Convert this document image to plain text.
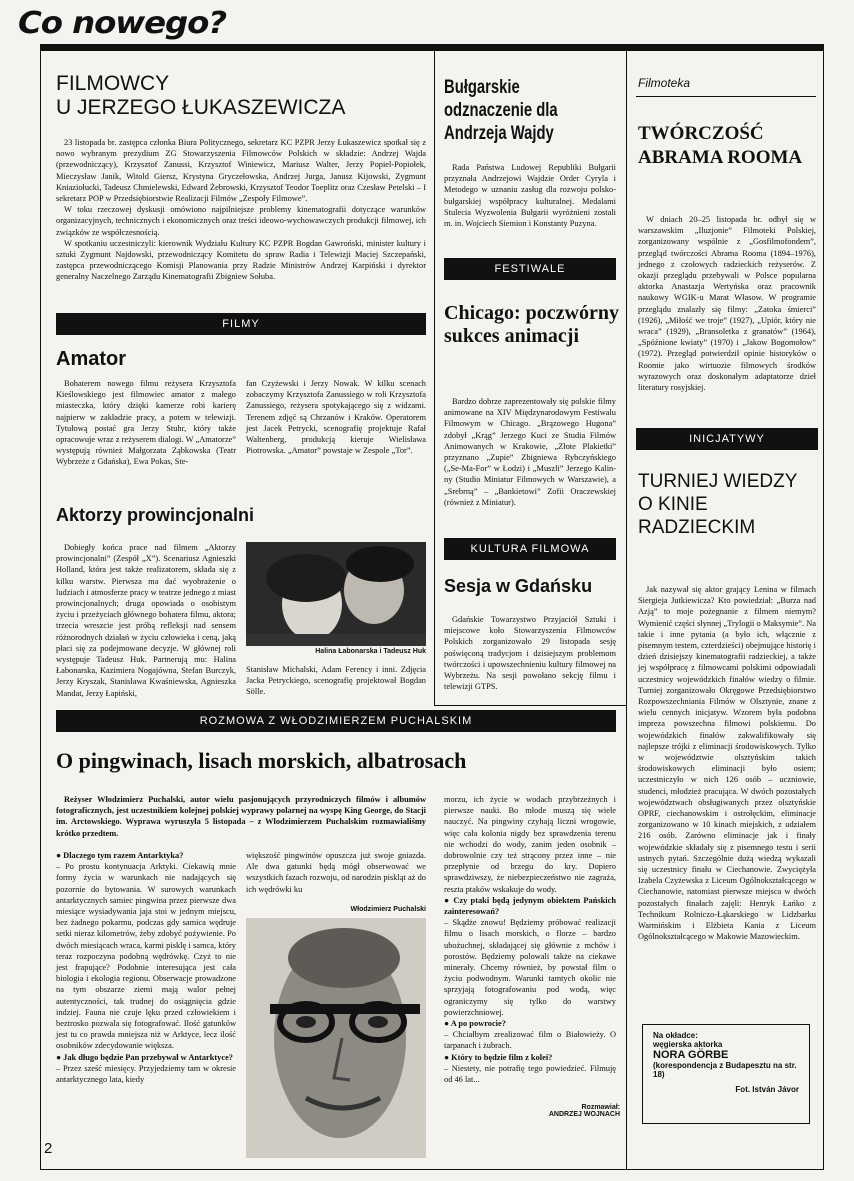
Co nowego?
FILMOWCY
U JERZEGO ŁUKASZEWICZA

23 listopada br. zastępca członka Biura Politycznego, sekretarz KC PZPR Jerzy Łukaszewicz spotkał się z nowo wybranym prezydium ZG Stowarzyszenia Filmowców Polskich w składzie: Andrzej Wajda (przewodniczący), Krzysztof Zanussi, Krzysztof Winiewicz, Mariusz Walter, Jerzy Popiel-Popiołek, Mieczysław Janik, Witold Giersz, Krystyna Gryczełowska, Andrzej Jurga, Janusz Kijowski, Zygmunt Kniaziołucki, Tadeusz Chmielewski, Edward Żebrowski, Krzysztof Teodor Toeplitz oraz Czesław Petelski – I sekretarz POP w Przedsiębiorstwie Realizacji Filmów „Zespoły Filmowe”.

W toku rzeczowej dyskusji omówiono najpilniejsze problemy kinematografii dotyczące warunków organizacyjnych, technicznych i ekonomicznych oraz treści ideowo-wychowawczych produkcji filmowej, ich związków ze współczesnością.

W spotkaniu uczestniczyli: kierownik Wydziału Kultury KC PZPR Bogdan Gawroński, minister kultury i sztuki Zygmunt Najdowski, przewodniczący Komitetu do spraw Radia i Telewizji Maciej Szczepański, zastępca przewodniczącego Komisji Planowania przy Radzie Ministrów Andrzej Karpiński i dyrektor generalny Naczelnego Zarządu Kinematografii Zbigniew Sołuba.

FILMY
Amator
Bohaterem nowego filmu reżysera Krzysztofa Kieślowskiego jest filmowiec amator z małego miasteczka, który dzięki kamerze robi karierę najpierw w zakładzie pracy, a potem w telewizji. Tytułową postać gra Jerzy Stuhr, który także opracowuje wraz z reżyserem dialogi. W „Amatorze” występują również Małgorzata Ząbkowska (Teatr Wybrzeże z Gdańska), Ewa Pokas, Ste-
fan Czyżewski i Jerzy Nowak. W kilku scenach zobaczymy Krzysztofa Zanussiego w roli Krzysztofa Zanussiego, reżysera spotykającego się z widzami. Terenem zdjęć są Chrzanów i Kraków. Operatorem jest Jacek Petrycki, scenografię projektuje Rafał Waltenberg, produkcją kieruje Wielisława Piotrowska. „Amator” powstaje w Zespole „Tor”.
Aktorzy prowincjonalni
Dobiegły końca prace nad filmem „Aktorzy prowincjonalni” (Zespół „X”). Scenariusz Agnieszki Holland, która jest także realizatorem, składa się z kilku warstw. Pierwsza ma dać wyobrażenie o ludziach i atmosferze pracy w teatrze jednego z miast prowincjonalnych; druga opowiada o osobistym życiu i przeżyciach głównego bohatera filmu, aktora; trzecia wreszcie jest próbą refleksji nad sensem różnorodnych działań w życiu człowieka i ceną, jaką płaci się za podejmowane decyzje. W głównej roli występuje Tadeusz Huk. Partnerują mu: Halina Łabonarska, Kazimiera Nogajówna, Stefan Burczyk, Jerzy Kryszak, Stanisława Kwaśniewska, Agnieszka Mandat, Jerzy Łapiński,
Halina Łabonarska i Tadeusz Huk
Stanisław Michalski, Adam Ferency i inni. Zdjęcia Jacka Petryckiego, scenografię projektował Bogdan Sölle.
Bułgarskie odznaczenie dla Andrzeja Wajdy
Rada Państwa Ludowej Republiki Bułgarii przyznała Andrzejowi Wajdzie Order Cyryla i Metodego w uznaniu zasług dla rozwoju polsko-bułgarskiej współpracy kulturalnej. Medalami Stulecia Wyzwolenia Bułgarii wyróżnieni zostali m. in. Wojciech Siemion i Konstanty Puzyna.
FESTIWALE
Chicago: poczwórny sukces animacji
Bardzo dobrze zaprezentowały się polskie filmy animowane na XIV Międzynarodowym Festiwalu Filmowym w Chicago. „Brązowego Hugona” zdobył „Krąg” Jerzego Kuci ze Studia Filmów Animowanych w Krakowie, „Złote Plakietki” przyznano „Zupie” Zbigniewa Rybczyńskiego („Se-Ma-For” w Łodzi) i „Muszli” Jerzego Kalin- ny (Studio Miniatur Filmowych w Warszawie), a „Srebrną” – „Bankietowi” Zofii Oraczewskiej (również z Miniatur).
KULTURA FILMOWA
Sesja w Gdańsku
Gdańskie Towarzystwo Przyjaciół Sztuki i miejscowe koło Stowarzyszenia Filmowców Polskich zorganizowało 29 listopada sesję poświęconą tradycjom i dzisiejszym problemom twórczości i upowszechnieniu kultury filmowej na Wybrzeżu. Na sesji powołano sekcję filmu i telewizji GTPS.
Filmoteka
TWÓRCZOŚĆ ABRAMA ROOMA
W dniach 20–25 listopada br. odbył się w warszawskim „Iluzjonie” Filmoteki Polskiej, zorganizowany wspólnie z „Gosfilmofondem”, przegląd twórczości Abrama Rooma (1894–1976), jednego z czołowych radzieckich reżyserów. Z okazji przeglądu przebywali w Polsce popularna aktorka Anastazja Wertyńska oraz pracownik naukowy WGIK-u Marat Własow. W programie przeglądu znalazły się filmy: „Zatoka śmierci” (1926), „Miłość we troje” (1927), „Upiór, który nie wraca” (1929), „Bransoletka z granatów” (1964), „Spóźnione kwiaty” (1970) i „Jakow Bogomołow” (1972). Przegląd potwierdził opinie historyków o Roomie jako wirtuozie filmowych środków wyrazowych oraz doskonałym adaptatorze dzieł literatury rosyjskiej.
INICJATYWY
TURNIEJ WIEDZY O KINIE RADZIECKIM
Jak nazywał się aktor grający Lenina w filmach Siergieja Jutkiewicza? Kto powiedział: „Burza nad Azją” to moje pożegnanie z filmem niemym? Wymienić części słynnej „Trylogii o Maksymie”. Na takie i inne pytania (a było ich, włącznie z pisemnym testem, czterdzieści) obejmujące historię i dzień dzisiejszy kinematografii radzieckiej, a także jej współpracę z filmowcami polskimi odpowiadali uczestnicy wojewódzkich finałów wiedzy o filmie. Turniej zorganizowało Okręgowe Przedsiębiorstwo Rozpowszechniania Filmów w Olsztynie, znane z wielu cennych inicjatyw. Wzorem była podobna impreza powszechna filmowi polskiemu. Do wojewódzkich finałów zakwalifikowały się najlepsze trójki z eliminacji środowiskowych. Tylko w województwie olsztyńskim takich środowiskowych eliminacji było osiem; uczestniczyło w nich 126 osób – uczniowie, studenci, młodzież pracująca. W dwóch pozostałych województwach obsługiwanych przez olsztyńskie OPRF, ciechanowskim i ostrołęckim, eliminacje zorganizowano w 10 kinach miejskich, z udziałem 216 osób. Zarówno eliminacje jak i finały wojewódzkie składały się z pisemnego testu i serii ustnych pytań. Szczególnie dużą wiedzą wykazali się uczestnicy finału w Ciechanowie. Zwyciężyła Izabela Czyżewska z Liceum Ogólnokształcącego w Ciechanowie, natomiast pierwsze miejsca w dwóch pozostałych finałach zajęli: Henryk Łańko z Technikum Rolniczo-Łąkarskiego w Lidzbarku Warmińskim i Elżbieta Kania z Liceum Ogólnokształcącego w Makowie Mazowieckim.
Na okładce:
węgierska aktorka
NORA GÖRBE
(korespondencja z Budapesztu na str. 18)
Fot. István Jávor
ROZMOWA Z WŁODZIMIERZEM PUCHALSKIM
O pingwinach, lisach morskich, albatrosach
Reżyser Włodzimierz Puchalski, autor wielu pasjonujących przyrodniczych filmów i albumów fotograficznych, jest uczestnikiem kolejnej polskiej wyprawy polarnej na wyspę King George, do Stacji im. Arctowskiego. Wyprawa wyruszyła 5 listopada – z Włodzimierzem Puchalskim rozmawialiśmy krótko przedtem.

● Dlaczego tym razem Antarktyka?

– Po prostu kontynuacja Arktyki. Ciekawią mnie formy życia w warunkach nie nadających się pozornie do bytowania. W surowych warunkach antarktycznych samiec pingwina przez pierwsze dwa miesiące wysiadywania jaja stoi w jednym miejscu, bez żadnego pokarmu, podczas gdy samica wędruje setki nieraz kilometrów, żeby zdobyć pożywienie. Po dwóch miesiącach wraca, karmi pisklę i samca, który teraz rozpoczyna podobną wędrówkę. Czyż to nie jest frapujące? Podobnie interesująca jest cała biologia i ekologia regionu. Obserwacje prowadzone na tym obszarze ziemi mają walor pełnej autentyczności, tak trudnej do osiągnięcia gdzie indziej. Fauna nie czuje lęku przed człowiekiem i beztrosko pozwala się fotografować. Ilość gatunków jest tu co prawda mniejsza niż w Arktyce, lecz ilość osobników zdecydowanie większa.

● Jak długo będzie Pan przebywał w Antarktyce?

– Przez sześć miesięcy. Przyjedziemy tam w okresie antarktycznego lata, kiedy

większość pingwinów opuszcza już swoje gniazda. Ale dwa gatunki będą mógł obserwować we wszystkich fazach rozwoju, od narodzin piskląt aż do ich wędrówki ku
Włodzimierz Puchalski

morzu, ich życie w wodach przybrzeżnych i pierwsze nauki. Bo młode muszą się wiele nauczyć. Na pingwiny czyhają liczni wrogowie, więc cała kolonia nigdy bez sprawdzenia terenu nie wchodzi do wody, zanim jeden osobnik – dobrowolnie czy też strącony przez inne – nie przepłynie od brzegu do kry. Dopiero sprawdziwszy, że niebezpieczeństwo nie zagraża, reszta ptaków wskakuje do wody.

● Czy ptaki będą jedynym obiektem Pańskich zainteresowań?

– Skądże znowu! Będziemy próbować realizacji filmu o lisach morskich, o florze – bardzo ubożuchnej, składającej się głównie z mchów i porostów. Będziemy polowali także na ciekawe minerały. Chcemy również, by powstał film o życiu podwodnym. Warunki tamtych okolic nie sprzyjają fotografowaniu pod wodą, więc ograniczymy się tylko do warstwy powierzchniowej.

● A po powrocie?

– Chciałbym zrealizować film o Białowieży. O tarpanach i żubrach.

● Który to będzie film z kolei?

– Niestety, nie potrafię tego powiedzieć. Filmuję od 46 lat...

Rozmawiał:
ANDRZEJ WOJNACH
2
